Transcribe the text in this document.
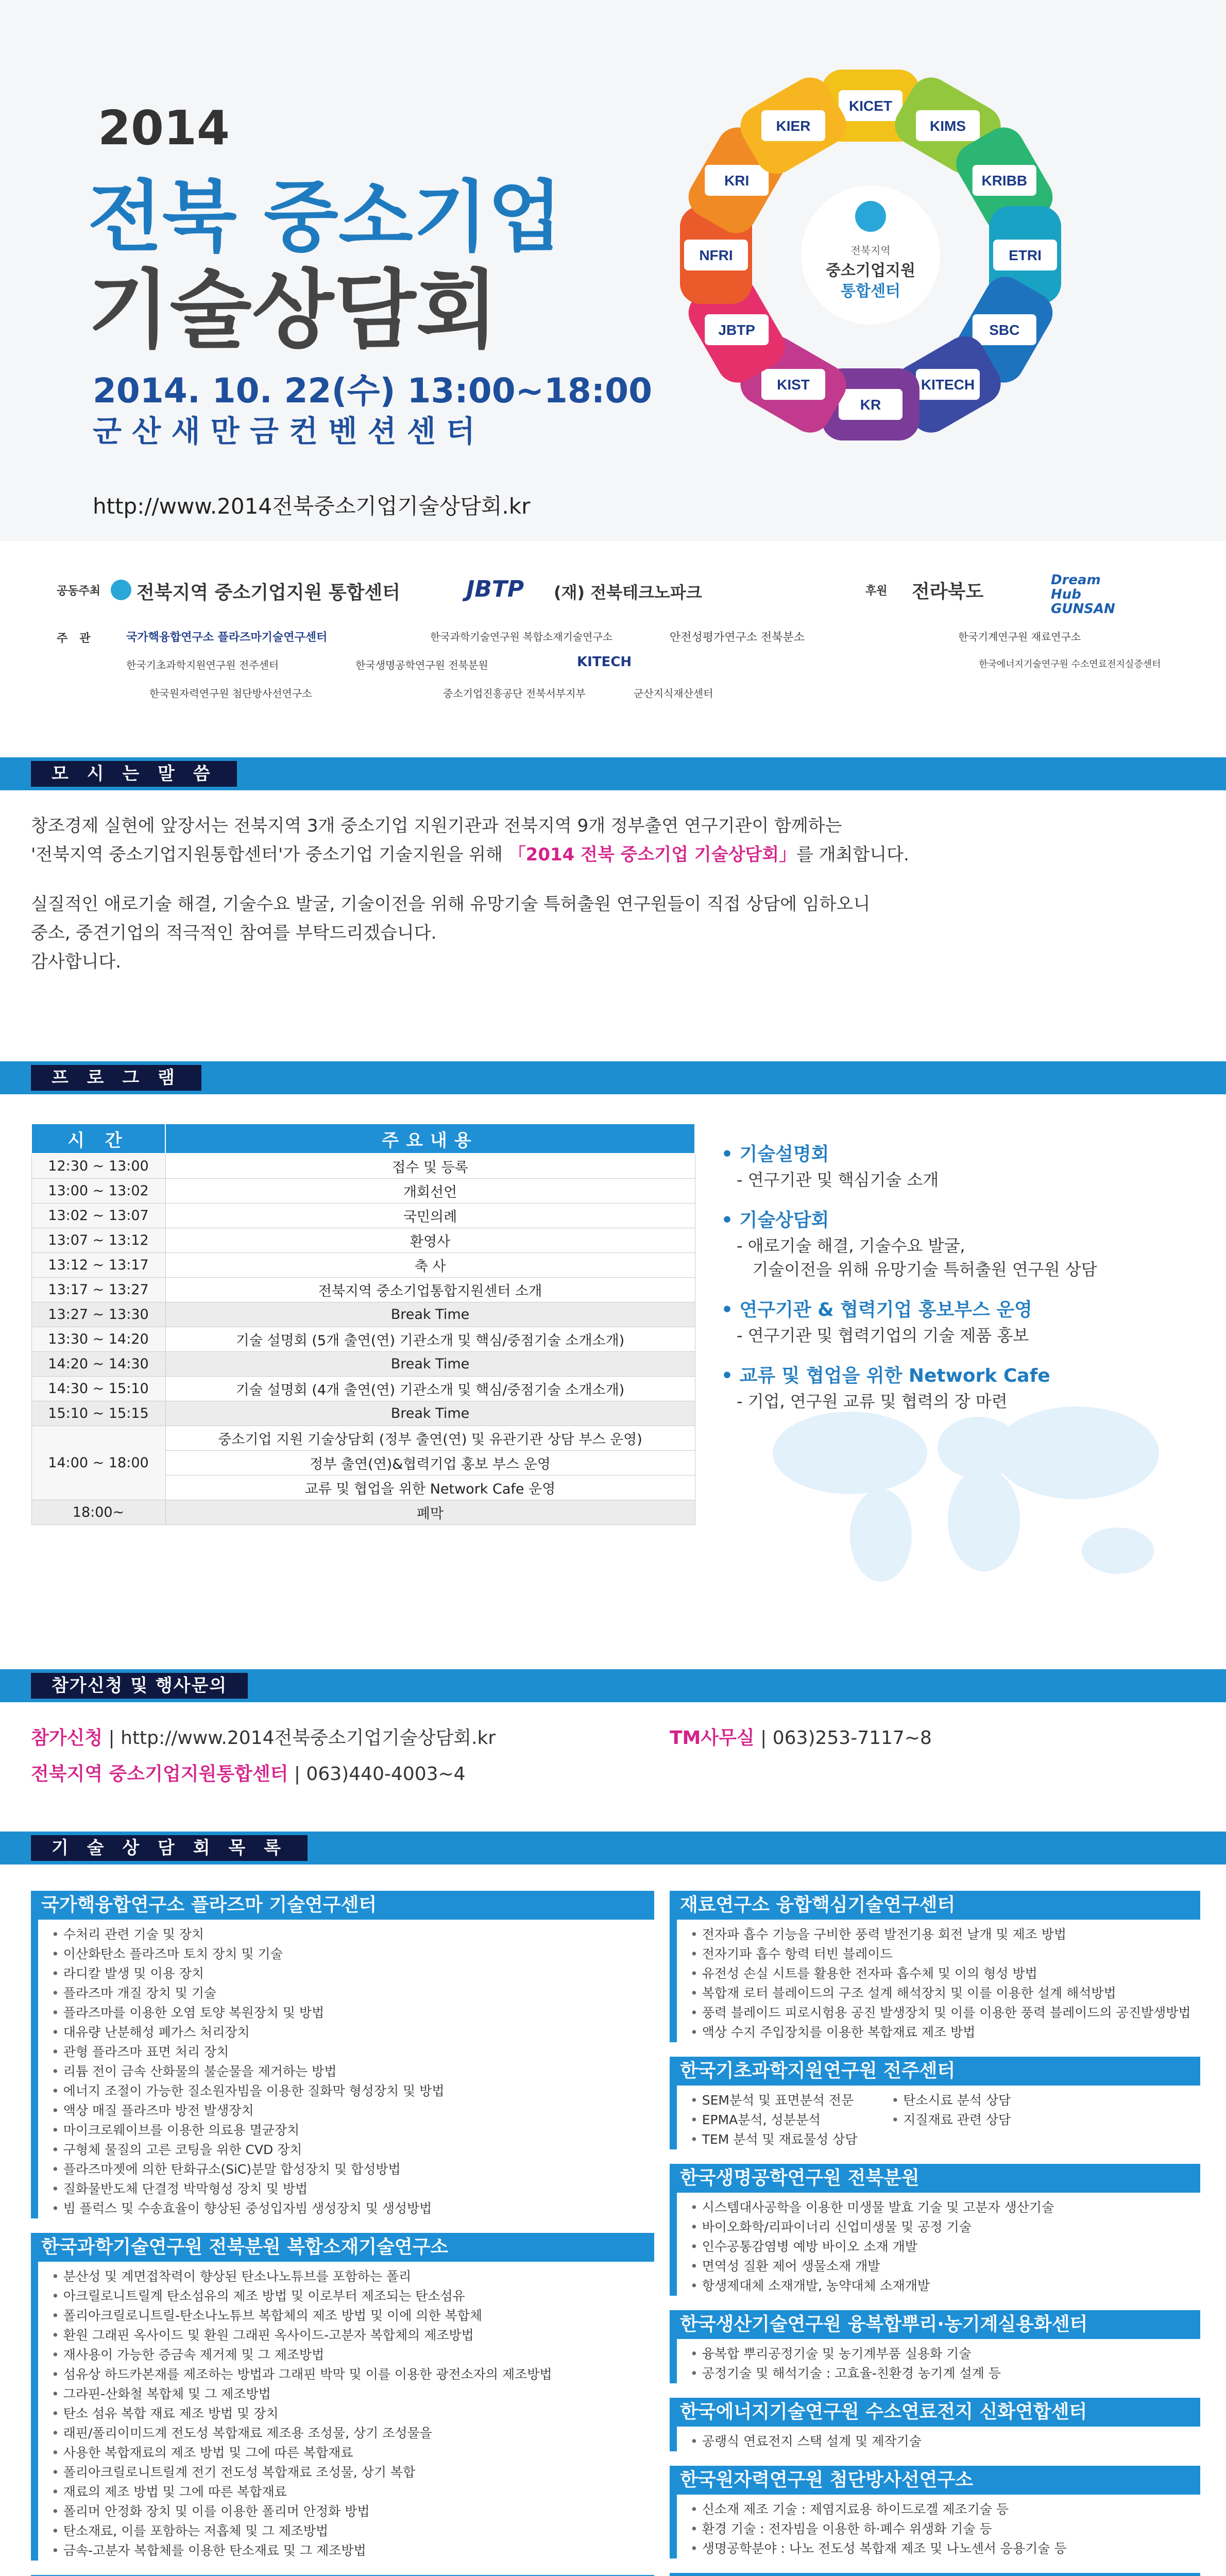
2014
전북 중소기업
기술상담회
2014. 10. 22(수) 13:00~18:00
군 산 새 만 금 컨 벤 션 센 터
http://www.2014전북중소기업기술상담회.kr
KICET
KIMS
KRIBB
ETRI
SBC
KITECH
KR
KIST
JBTP
NFRI
KRI
KIER
전북지역
중소기업지원
통합센터
공동주최 전북지역 중소기업지원 통합센터	JBTP (재) 전북테크노파크	후원 전라북도
Dream Hub GUNSAN
주   관	국가핵융합연구소 플라즈마기술연구센터	한국과학기술연구원 복합소재기술연구소	안전성평가연구소 전북분소	한국기계연구원 재료연구소
한국기초과학지원연구원 전주센터	한국생명공학연구원 전북분원	KITECH	한국에너지기술연구원 수소연료전지실증센터
한국원자력연구원 첨단방사선연구소	중소기업진흥공단 전북서부지부	군산지식재산센터
모 시 는 말 씀
창조경제 실현에 앞장서는 전북지역 3개 중소기업 지원기관과 전북지역 9개 정부출연 연구기관이 함께하는
'전북지역 중소기업지원통합센터'가 중소기업 기술지원을 위해 「2014 전북 중소기업 기술상담회」를 개최합니다.
실질적인 애로기술 해결, 기술수요 발굴, 기술이전을 위해 유망기술 특허출원 연구원들이 직접 상담에 임하오니
중소, 중견기업의 적극적인 참여를 부탁드리겠습니다.
감사합니다.
프 로 그 램
시 간	주요내용
12:30 ~ 13:00	접수 및 등록
13:00 ~ 13:02	개회선언
13:02 ~ 13:07	국민의례
13:07 ~ 13:12	환영사
13:12 ~ 13:17	축 사
13:17 ~ 13:27	전북지역 중소기업통합지원센터 소개
13:27 ~ 13:30	Break Time
13:30 ~ 14:20	기술 설명회 (5개 출연(연) 기관소개 및 핵심/중점기술 소개소개)
14:20 ~ 14:30	Break Time
14:30 ~ 15:10	기술 설명회 (4개 출연(연) 기관소개 및 핵심/중점기술 소개소개)
15:10 ~ 15:15	Break Time
14:00 ~ 18:00	중소기업 지원 기술상담회 (정부 출연(연) 및 유관기관 상담 부스 운영)
	정부 출연(연)&협력기업 홍보 부스 운영
	교류 및 협업을 위한 Network Cafe 운영
18:00~	폐막
• 기술설명회
- 연구기관 및 핵심기술 소개
• 기술상담회
- 애로기술 해결, 기술수요 발굴,
기술이전을 위해 유망기술 특허출원 연구원 상담
• 연구기관 & 협력기업 홍보부스 운영
- 연구기관 및 협력기업의 기술 제품 홍보
• 교류 및 협업을 위한 Network Cafe
- 기업, 연구원 교류 및 협력의 장 마련
참가신청 및 행사문의
참가신청 | http://www.2014전북중소기업기술상담회.kr	TM사무실 | 063)253-7117~8
전북지역 중소기업지원통합센터 | 063)440-4003~4
기 술 상 담 회 목 록
국가핵융합연구소 플라즈마 기술연구센터
• 수처리 관련 기술 및 장치
• 이산화탄소 플라즈마 토치 장치 및 기술
• 라디칼 발생 및 이용 장치
• 플라즈마 개질 장치 및 기술
• 플라즈마를 이용한 오염 토양 복원장치 및 방법
• 대유량 난분해성 폐가스 처리장치
• 관형 플라즈마 표면 처리 장치
• 리튬 전이 금속 산화물의 불순물을 제거하는 방법
• 에너지 조절이 가능한 질소원자빔을 이용한 질화막 형성장치 및 방법
• 액상 매질 플라즈마 방전 발생장치
• 마이크로웨이브를 이용한 의료용 멸균장치
• 구형체 물질의 고른 코팅을 위한 CVD 장치
• 플라즈마젯에 의한 탄화규소(SiC)분말 합성장치 및 합성방법
• 질화물반도체 단결정 박막형성 장치 및 방법
• 빔 플럭스 및 수송효율이 향상된 중성입자빔 생성장치 및 생성방법
한국과학기술연구원 전북분원 복합소재기술연구소
• 분산성 및 계면접착력이 향상된 탄소나노튜브를 포함하는 폴리
• 아크릴로니트릴계 탄소섬유의 제조 방법 및 이로부터 제조되는 탄소섬유
• 폴리아크릴로니트릴-탄소나노튜브 복합체의 제조 방법 및 이에 의한 복합체
• 환원 그래핀 옥사이드 및 환원 그래핀 옥사이드-고분자 복합체의 제조방법
• 재사용이 가능한 증금속 제거제 및 그 제조방법
• 섬유상 하드카본재를 제조하는 방법과 그래핀 박막 및 이를 이용한 광전소자의 제조방법
• 그라핀-산화철 복합체 및 그 제조방법
• 탄소 섬유 복합 재료 제조 방법 및 장치
• 래핀/폴리이미드계 전도성 복합재료 제조용 조성물, 상기 조성물을
• 사용한 복합재료의 제조 방법 및 그에 따른 복합재료
• 폴리아크릴로니트릴계 전기 전도성 복합재료 조성물, 상기 복합
• 재료의 제조 방법 및 그에 따른 복합재료
• 폴리머 안정화 장치 및 이를 이용한 폴리머 안정화 방법
• 탄소재료, 이를 포함하는 저흡체 및 그 제조방법
• 금속-고분자 복합체를 이용한 탄소재료 및 그 제조방법
재료연구소 융합핵심기술연구센터
• 전자파 흡수 기능을 구비한 풍력 발전기용 회전 날개 및 제조 방법
• 전자기파 흡수 항력 터빈 블레이드
• 유전성 손실 시트를 활용한 전자파 흡수체 및 이의 형성 방법
• 복합재 로터 블레이드의 구조 설계 해석장치 및 이를 이용한 설계 해석방법
• 풍력 블레이드 피로시험용 공진 발생장치 및 이를 이용한 풍력 블레이드의 공진발생방법
• 액상 수지 주입장치를 이용한 복합재료 제조 방법
한국기초과학지원연구원 전주센터
• SEM분석 및 표면분석 전문
• EPMA분석, 성분분석
• TEM 분석 및 재료물성 상담
• 탄소시료 분석 상담
• 지질재료 관련 상담
한국생명공학연구원 전북분원
• 시스템대사공학을 이용한 미생물 발효 기술 및 고분자 생산기술
• 바이오화학/리파이너리 신업미생물 및 공정 기술
• 인수공통감염병 예방 바이오 소재 개발
• 면역성 질환 제어 생물소재 개발
• 항생제대체 소재개발, 농약대체 소재개발
한국생산기술연구원 융복합뿌리·농기계실용화센터
• 융복합 뿌리공정기술 및 농기계부품 실용화 기술
• 공정기술 및 해석기술 : 고효율-친환경 농기계 설계 등
한국에너지기술연구원 수소연료전지 신화연합센터
• 공랭식 연료전지 스택 설계 및 제작기술
한국원자력연구원 첨단방사선연구소
• 신소재 제조 기술 : 제염지료용 하이드로겔 제조기술 등
• 환경 기술 : 전자빔을 이용한 하·폐수 위생화 기술 등
• 생명공학분야 : 나노 전도성 복합재 제조 및 나노센서 응용기술 등
